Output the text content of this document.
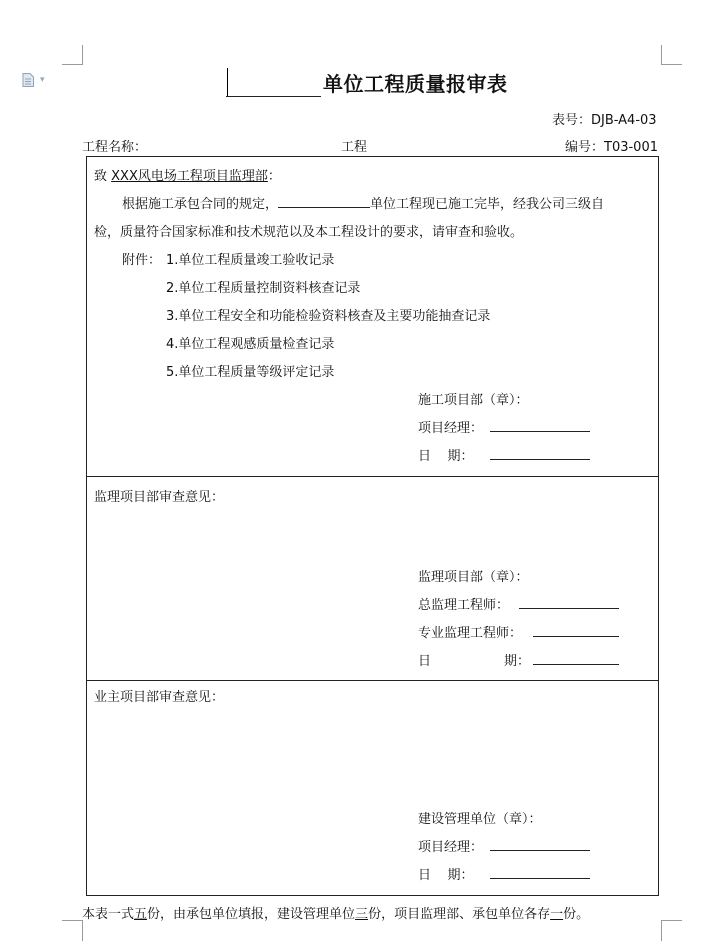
▾	单位工程质量报审表
表号：DJB-A4-03
工程名称：	工程	编号：T03-001
致 XXX风电场工程项目监理部：
根据施工承包合同的规定，	单位工程现已施工完毕，经我公司三级自
检，质量符合国家标准和技术规范以及本工程设计的要求，请审查和验收。
附件： 1.单位工程质量竣工验收记录
2.单位工程质量控制资料核查记录
3.单位工程安全和功能检验资料核查及主要功能抽查记录
4.单位工程观感质量检查记录
5.单位工程质量等级评定记录
施工项目部（章）：
项目经理：
日    期：
监理项目部审查意见：
监理项目部（章）：
总监理工程师：
专业监理工程师：
日	期：
业主项目部审查意见：
建设管理单位（章）：
项目经理：
日    期：
本表一式五份，由承包单位填报，建设管理单位三份，项目监理部、承包单位各存一份。
